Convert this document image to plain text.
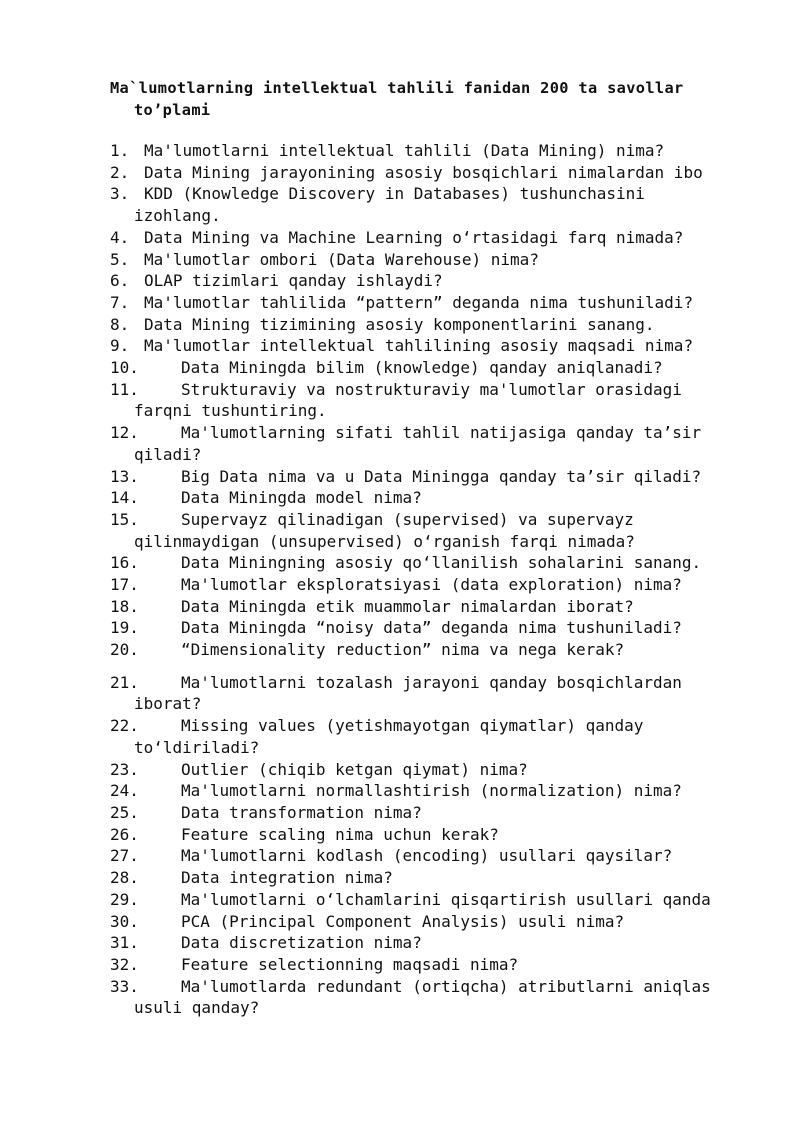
Ma`lumotlarning intellektual tahlili fanidan 200 ta savollar
to’plami
1. Ma'lumotlarni intellektual tahlili (Data Mining) nima?
2. Data Mining jarayonining asosiy bosqichlari nimalardan ibo
3. KDD (Knowledge Discovery in Databases) tushunchasini
izohlang.
4. Data Mining va Machine Learning o‘rtasidagi farq nimada?
5. Ma'lumotlar ombori (Data Warehouse) nima?
6. OLAP tizimlari qanday ishlaydi?
7. Ma'lumotlar tahlilida “pattern” deganda nima tushuniladi?
8. Data Mining tizimining asosiy komponentlarini sanang.
9. Ma'lumotlar intellektual tahlilining asosiy maqsadi nima?
10.	Data Miningda bilim (knowledge) qanday aniqlanadi?
11.	Strukturaviy va nostrukturaviy ma'lumotlar orasidagi
farqni tushuntiring.
12.	Ma'lumotlarning sifati tahlil natijasiga qanday ta’sir
qiladi?
13.	Big Data nima va u Data Miningga qanday ta’sir qiladi?
14.	Data Miningda model nima?
15.	Supervayz qilinadigan (supervised) va supervayz
qilinmaydigan (unsupervised) o‘rganish farqi nimada?
16.	Data Miningning asosiy qo‘llanilish sohalarini sanang.
17.	Ma'lumotlar eksploratsiyasi (data exploration) nima?
18.	Data Miningda etik muammolar nimalardan iborat?
19.	Data Miningda “noisy data” deganda nima tushuniladi?
20.	“Dimensionality reduction” nima va nega kerak?
21.	Ma'lumotlarni tozalash jarayoni qanday bosqichlardan
iborat?
22.	Missing values (yetishmayotgan qiymatlar) qanday
to‘ldiriladi?
23.	Outlier (chiqib ketgan qiymat) nima?
24.	Ma'lumotlarni normallashtirish (normalization) nima?
25.	Data transformation nima?
26.	Feature scaling nima uchun kerak?
27.	Ma'lumotlarni kodlash (encoding) usullari qaysilar?
28.	Data integration nima?
29.	Ma'lumotlarni o‘lchamlarini qisqartirish usullari qanda
30.	PCA (Principal Component Analysis) usuli nima?
31.	Data discretization nima?
32.	Feature selectionning maqsadi nima?
33.	Ma'lumotlarda redundant (ortiqcha) atributlarni aniqlas
usuli qanday?
